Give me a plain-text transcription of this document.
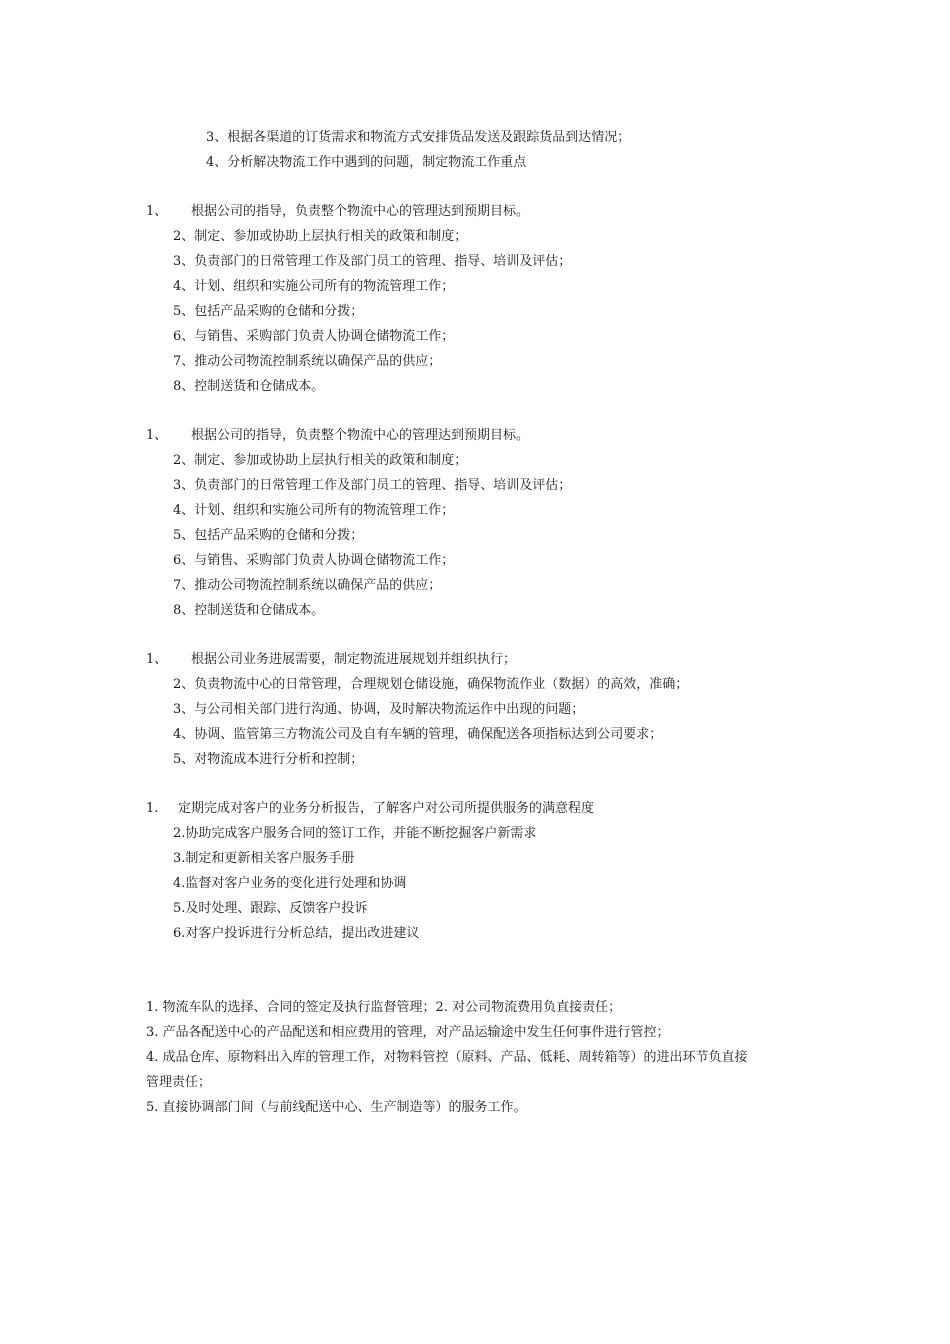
3、根据各渠道的订货需求和物流方式安排货品发送及跟踪货品到达情况；
4、分析解决物流工作中遇到的问题，制定物流工作重点
1、 根据公司的指导，负责整个物流中心的管理达到预期目标。
2、制定、参加或协助上层执行相关的政策和制度；
3、负责部门的日常管理工作及部门员工的管理、指导、培训及评估；
4、计划、组织和实施公司所有的物流管理工作；
5、包括产品采购的仓储和分拨；
6、与销售、采购部门负责人协调仓储物流工作；
7、推动公司物流控制系统以确保产品的供应；
8、控制送货和仓储成本。
1、 根据公司的指导，负责整个物流中心的管理达到预期目标。
2、制定、参加或协助上层执行相关的政策和制度；
3、负责部门的日常管理工作及部门员工的管理、指导、培训及评估；
4、计划、组织和实施公司所有的物流管理工作；
5、包括产品采购的仓储和分拨；
6、与销售、采购部门负责人协调仓储物流工作；
7、推动公司物流控制系统以确保产品的供应；
8、控制送货和仓储成本。
1、 根据公司业务进展需要，制定物流进展规划并组织执行；
2、负责物流中心的日常管理，合理规划仓储设施，确保物流作业（数据）的高效，准确；
3、与公司相关部门进行沟通、协调，及时解决物流运作中出现的问题；
4、协调、监管第三方物流公司及自有车辆的管理，确保配送各项指标达到公司要求；
5、对物流成本进行分析和控制；
1. 定期完成对客户的业务分析报告，了解客户对公司所提供服务的满意程度
2.协助完成客户服务合同的签订工作，并能不断挖掘客户新需求
3.制定和更新相关客户服务手册
4.监督对客户业务的变化进行处理和协调
5.及时处理、跟踪、反馈客户投诉
6.对客户投诉进行分析总结，提出改进建议
1. 物流车队的选择、合同的签定及执行监督管理；2. 对公司物流费用负直接责任；
3. 产品各配送中心的产品配送和相应费用的管理，对产品运输途中发生任何事件进行管控；
4. 成品仓库、原物料出入库的管理工作，对物料管控（原料、产品、低耗、周转箱等）的进出环节负直接
管理责任；
5. 直接协调部门间（与前线配送中心、生产制造等）的服务工作。
